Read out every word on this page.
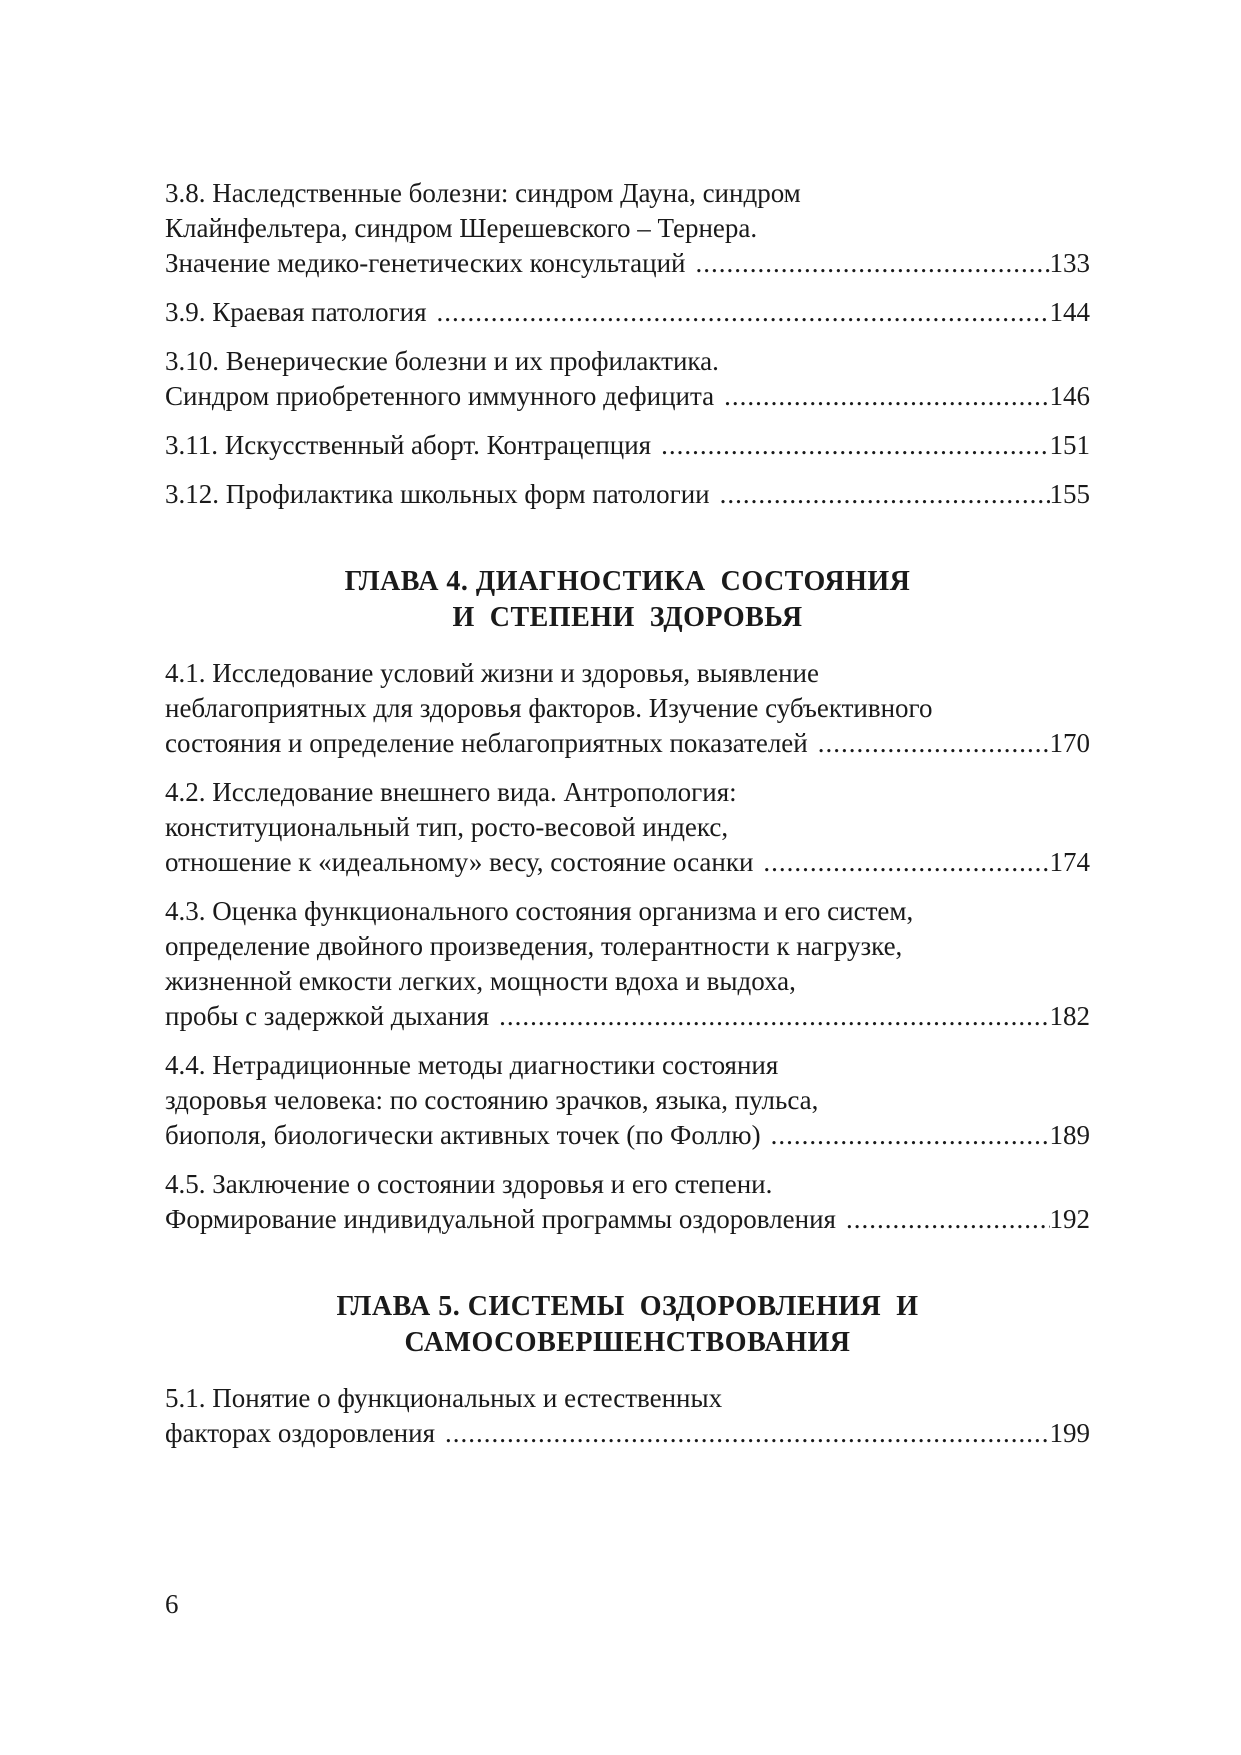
3.8. Наследственные болезни: синдром Дауна, синдром
Клайнфельтера, синдром Шерешевского – Тернера.
Значение медико-генетических консультаций .....	133
3.9. Краевая патология .....	144
3.10. Венерические болезни и их профилактика.
Синдром приобретенного иммунного дефицита .....	146
3.11. Искусственный аборт. Контрацепция .....	151
3.12. Профилактика школьных форм патологии .....	155
ГЛАВА 4. ДИАГНОСТИКА  СОСТОЯНИЯ
И  СТЕПЕНИ  ЗДОРОВЬЯ
4.1. Исследование условий жизни и здоровья, выявление
неблагоприятных для здоровья факторов. Изучение субъективного
состояния и определение неблагоприятных показателей .....	170
4.2. Исследование внешнего вида. Антропология:
конституциональный тип, росто-весовой индекс,
отношение к «идеальному» весу, состояние осанки .....	174
4.3. Оценка функционального состояния организма и его систем,
определение двойного произведения, толерантности к нагрузке,
жизненной емкости легких, мощности вдоха и выдоха,
пробы с задержкой дыхания .....	182
4.4. Нетрадиционные методы диагностики состояния
здоровья человека: по состоянию зрачков, языка, пульса,
биополя, биологически активных точек (по Фоллю) .....	189
4.5. Заключение о состоянии здоровья и его степени.
Формирование индивидуальной программы оздоровления .....	192
ГЛАВА 5. СИСТЕМЫ  ОЗДОРОВЛЕНИЯ  И
САМОСОВЕРШЕНСТВОВАНИЯ
5.1. Понятие о функциональных и естественных
факторах оздоровления .....	199
6
